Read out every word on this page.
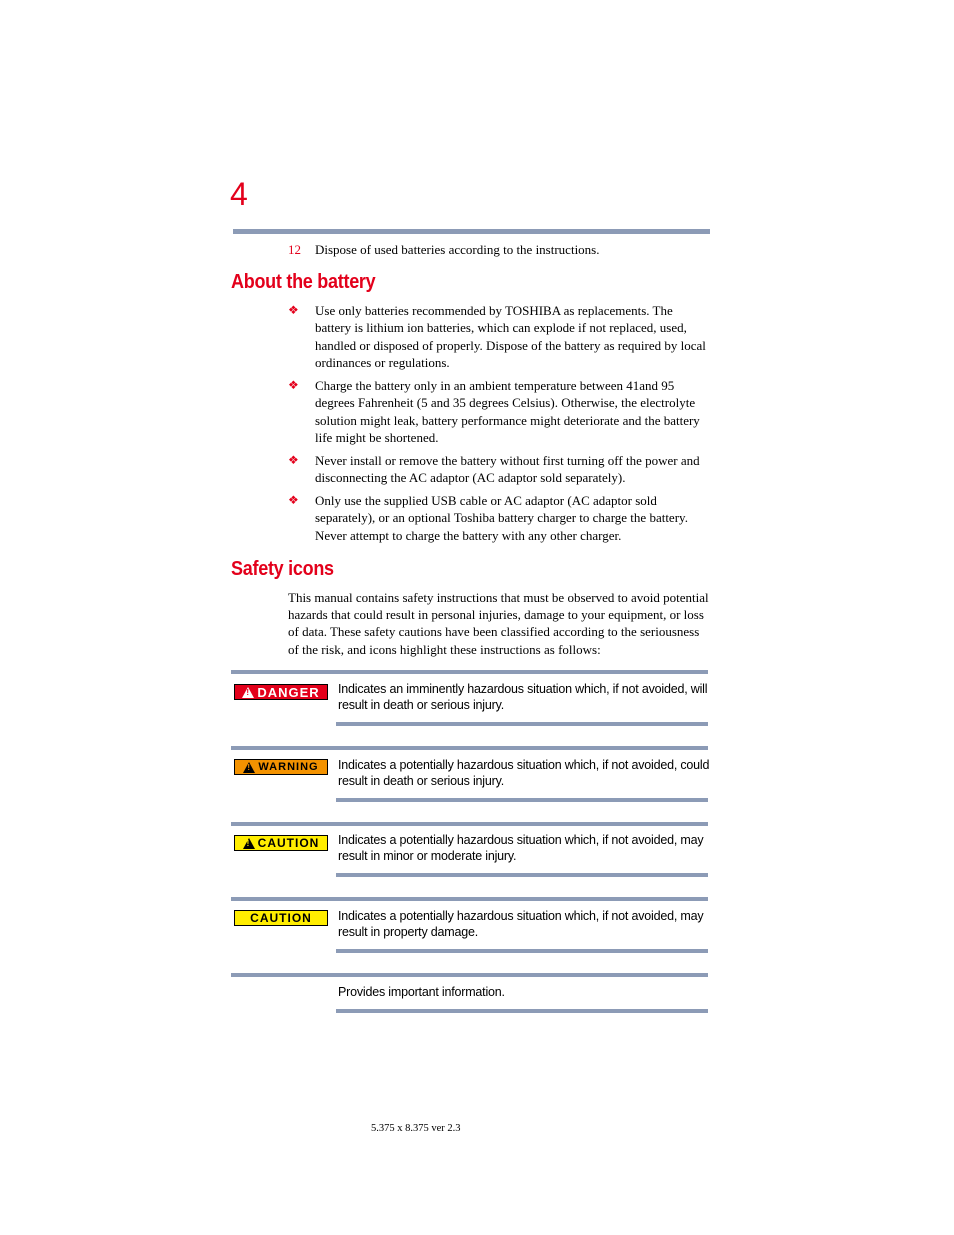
4
12 Dispose of used batteries according to the instructions.
About the battery
❖ Use only batteries recommended by TOSHIBA as replacements. The battery is lithium ion batteries, which can explode if not replaced, used, handled or disposed of properly. Dispose of the battery as required by local ordinances or regulations.
❖ Charge the battery only in an ambient temperature between 41and 95 degrees Fahrenheit (5 and 35 degrees Celsius). Otherwise, the electrolyte solution might leak, battery performance might deteriorate and the battery life might be shortened.
❖ Never install or remove the battery without first turning off the power and disconnecting the AC adaptor (AC adaptor sold separately).
❖ Only use the supplied USB cable or AC adaptor (AC adaptor sold separately), or an optional Toshiba battery charger to charge the battery. Never attempt to charge the battery with any other charger.
Safety icons
This manual contains safety instructions that must be observed to avoid potential hazards that could result in personal injuries, damage to your equipment, or loss of data. These safety cautions have been classified according to the seriousness of the risk, and icons highlight these instructions as follows:
!
DANGER Indicates an imminently hazardous situation which, if not avoided, will result in death or serious injury.
!
WARNING Indicates a potentially hazardous situation which, if not avoided, could result in death or serious injury.
!
CAUTION Indicates a potentially hazardous situation which, if not avoided, may result in minor or moderate injury.
CAUTION Indicates a potentially hazardous situation which, if not avoided, may result in property damage.
Provides important information.
5.375 x 8.375 ver 2.3
